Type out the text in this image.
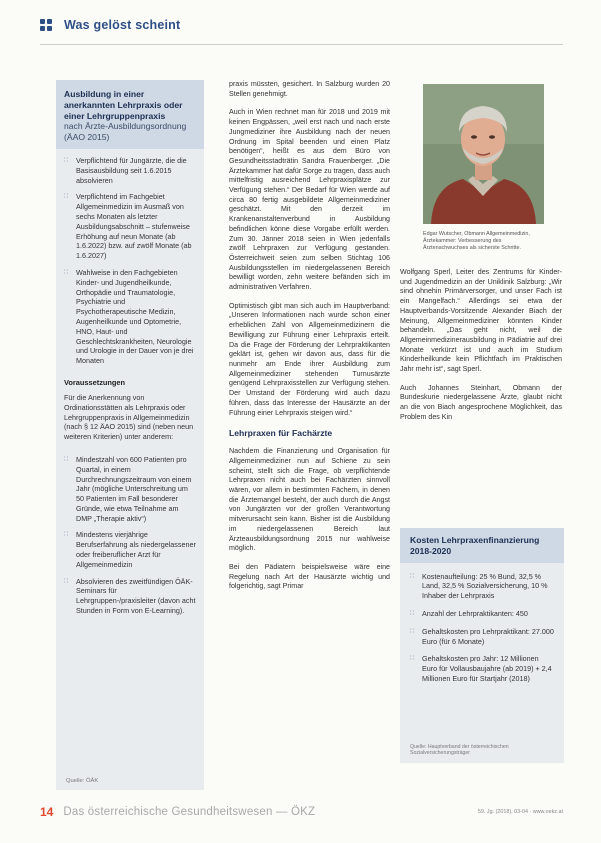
Was gelöst scheint
Ausbildung in einer anerkannten Lehrpraxis oder einer Lehrgruppenpraxis
nach Ärzte-Ausbildungsordnung (ÄAO 2015)
∷ Verpflichtend für Jungärzte, die die Basisausbildung seit 1.6.2015 absolvieren
∷ Verpflichtend im Fachgebiet Allgemeinmedizin im Ausmaß von sechs Monaten als letzter Ausbildungsabschnitt – stufenweise Erhöhung auf neun Monate (ab 1.6.2022) bzw. auf zwölf Monate (ab 1.6.2027)
∷ Wahlweise in den Fachgebieten Kinder- und Jugendheilkunde, Orthopädie und Traumatologie, Psychiatrie und Psychotherapeutische Medizin, Augenheilkunde und Optometrie, HNO, Haut- und Geschlechtskrankheiten, Neurologie und Urologie in der Dauer von je drei Monaten
Voraussetzungen
Für die Anerkennung von Ordinationsstätten als Lehrpraxis oder Lehrgruppenpraxis in Allgemeinmedizin (nach § 12 ÄAO 2015) sind (neben neun weiteren Kriterien) unter anderem:
∷ Mindestzahl von 600 Patienten pro Quartal, in einem Durchrechnungszeitraum von einem Jahr (mögliche Unterschreitung um 50 Patienten im Fall besonderer Gründe, wie etwa Teilnahme am DMP „Therapie aktiv“)
∷ Mindestens vierjährige Berufserfahrung als niedergelassener oder freiberuflicher Arzt für Allgemeinmedizin
∷ Absolvieren des zweitfündigen ÖÄK-Seminars für Lehrgruppen-/praxisleiter (davon acht Stunden in Form von E-Learning).
Quelle: ÖÄK

praxis müssten, gesichert. In Salzburg wurden 20 Stellen genehmigt.

Auch in Wien rechnet man für 2018 und 2019 mit keinen Engpässen, „weil erst nach und nach erste Jungmediziner ihre Ausbildung nach der neuen Ordnung im Spital beenden und einen Platz benötigen“, heißt es aus dem Büro von Gesundheitsstadträtin Sandra Frauenberger. „Die Ärztekammer hat dafür Sorge zu tragen, dass auch mittelfristig ausreichend Lehrpraxisplätze zur Verfügung stehen.“ Der Bedarf für Wien werde auf circa 80 fertig ausgebildete Allgemeinmediziner geschätzt. Mit den derzeit im Krankenanstaltenverbund in Ausbildung befindlichen könne diese Vorgabe erfüllt werden. Zum 30. Jänner 2018 seien in Wien jedenfalls zwölf Lehrpraxen zur Verfügung gestanden. Österreichweit seien zum selben Stichtag 106 Ausbildungsstellen im niedergelassenen Bereich bewilligt worden, zehn weitere befänden sich im administrativen Verfahren.

Optimistisch gibt man sich auch im Hauptverband: „Unseren Informationen nach wurde schon einer erheblichen Zahl von Allgemeinmedizinern die Bewilligung zur Führung einer Lehrpraxis erteilt. Da die Frage der Förderung der Lehrpraktikanten geklärt ist, gehen wir davon aus, dass für die nunmehr am Ende ihrer Ausbildung zum Allgemeinmediziner stehenden Turnusärzte genügend Lehrpraxisstellen zur Verfügung stehen. Der Umstand der Förderung wird auch dazu führen, dass das Interesse der Hausärzte an der Führung einer Lehrpraxis steigen wird.“

Lehrpraxen für Fachärzte

Nachdem die Finanzierung und Organisation für Allgemeinmediziner nun auf Schiene zu sein scheint, stellt sich die Frage, ob verpflichtende Lehrpraxen nicht auch bei Fachärzten sinnvoll wären, vor allem in bestimmten Fächern, in denen die Ärztemangel besteht, der auch durch die Angst von Jungärzten vor der großen Verantwortung mitverursacht sein kann. Bisher ist die Ausbildung im niedergelassenen Bereich laut Ärzteausbildungsordnung 2015 nur wahlweise möglich.

Bei den Pädiatern beispielsweise wäre eine Regelung nach Art der Hausärzte wichtig und folgerichtig, sagt Primar

Edgar Wutscher, Obmann Allgemeinmedizin, Ärztekammer: Verbesserung des Ärztenachwuchses als sicherste Schritte.

Wolfgang Sperl, Leiter des Zentrums für Kinder- und Jugendmedizin an der Uniklinik Salzburg: „Wir sind ohnehin Primärversorger, und unser Fach ist ein Mangelfach.“ Allerdings sei etwa der Hauptverbands-Vorsitzende Alexander Biach der Meinung, Allgemeinmediziner könnten Kinder behandeln. „Das geht nicht, weil die Allgemeinmedizinerausbildung in Pädiatrie auf drei Monate verkürzt ist und auch im Studium Kinderheilkunde kein Pflichtfach im Praktischen Jahr mehr ist“, sagt Sperl.

Auch Johannes Steinhart, Obmann der Bundeskurie niedergelassene Ärzte, glaubt nicht an die von Biach angesprochene Möglichkeit, das Problem des Kin

Kosten Lehrpraxenfinanzierung 2018-2020
∷ Kostenaufteilung: 25 % Bund, 32,5 % Land, 32,5 % Sozialversicherung, 10 % Inhaber der Lehrpraxis
∷ Anzahl der Lehrpraktikanten: 450
∷ Gehaltskosten pro Lehrpraktikant: 27.000 Euro (für 6 Monate)
∷ Gehaltskosten pro Jahr: 12 Millionen Euro für Vollausbaujahre (ab 2019) + 2,4 Millionen Euro für Startjahr (2018)
Quelle: Hauptverband der österreichischen Sozialversicherungsträger
14 Das österreichische Gesundheitswesen — ÖKZ	59. Jg. (2018), 03-04 · www.oekz.at
